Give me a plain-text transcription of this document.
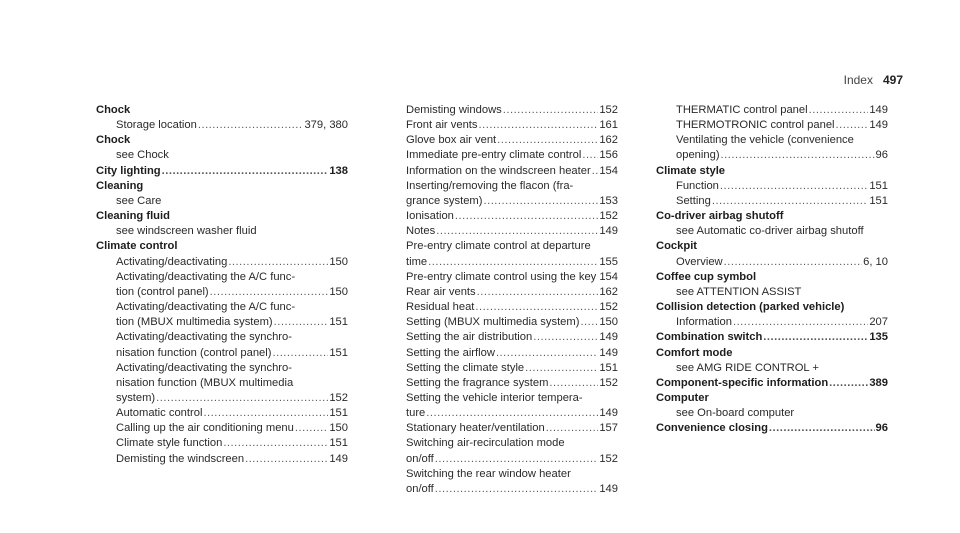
Index 497
Chock
Storage location .....	379, 380
Chock
see Chock
City lighting .....	138
Cleaning
see Care
Cleaning fluid
see windscreen washer fluid
Climate control
Activating/deactivating .....	150
Activating/deactivating the A/C func-
tion (control panel) .....	150
Activating/deactivating the A/C func-
tion (MBUX multimedia system) .....	151
Activating/deactivating the synchro-
nisation function (control panel) .....	151
Activating/deactivating the synchro-
nisation function (MBUX multimedia
system) .....	152
Automatic control .....	151
Calling up the air conditioning menu .....	150
Climate style function .....	151
Demisting the windscreen .....	149
Demisting windows .....	152
Front air vents .....	161
Glove box air vent .....	162
Immediate pre-entry climate control ..... 156
Information on the windscreen heater ..... 154
Inserting/removing the flacon (fra-
grance system) .....	153
Ionisation .....	152
Notes .....	149
Pre-entry climate control at departure
time .....	155
Pre-entry climate control using the key ..... 154
Rear air vents .....	162
Residual heat .....	152
Setting (MBUX multimedia system) ..... 150
Setting the air distribution .....	149
Setting the airflow .....	149
Setting the climate style .....	151
Setting the fragrance system .....	152
Setting the vehicle interior tempera-
ture .....	149
Stationary heater/ventilation .....	157
Switching air-recirculation mode
on/off .....	152
Switching the rear window heater
on/off .....	149
THERMATIC control panel .....	149
THERMOTRONIC control panel .....	149
Ventilating the vehicle (convenience
opening) .....	96
Climate style
Function .....	151
Setting .....	151
Co-driver airbag shutoff
see Automatic co-driver airbag shutoff
Cockpit
Overview .....	6, 10
Coffee cup symbol
see ATTENTION ASSIST
Collision detection (parked vehicle)
Information .....	207
Combination switch .....	135
Comfort mode
see AMG RIDE CONTROL +
Component-specific information .....	389
Computer
see On-board computer
Convenience closing .....	96
